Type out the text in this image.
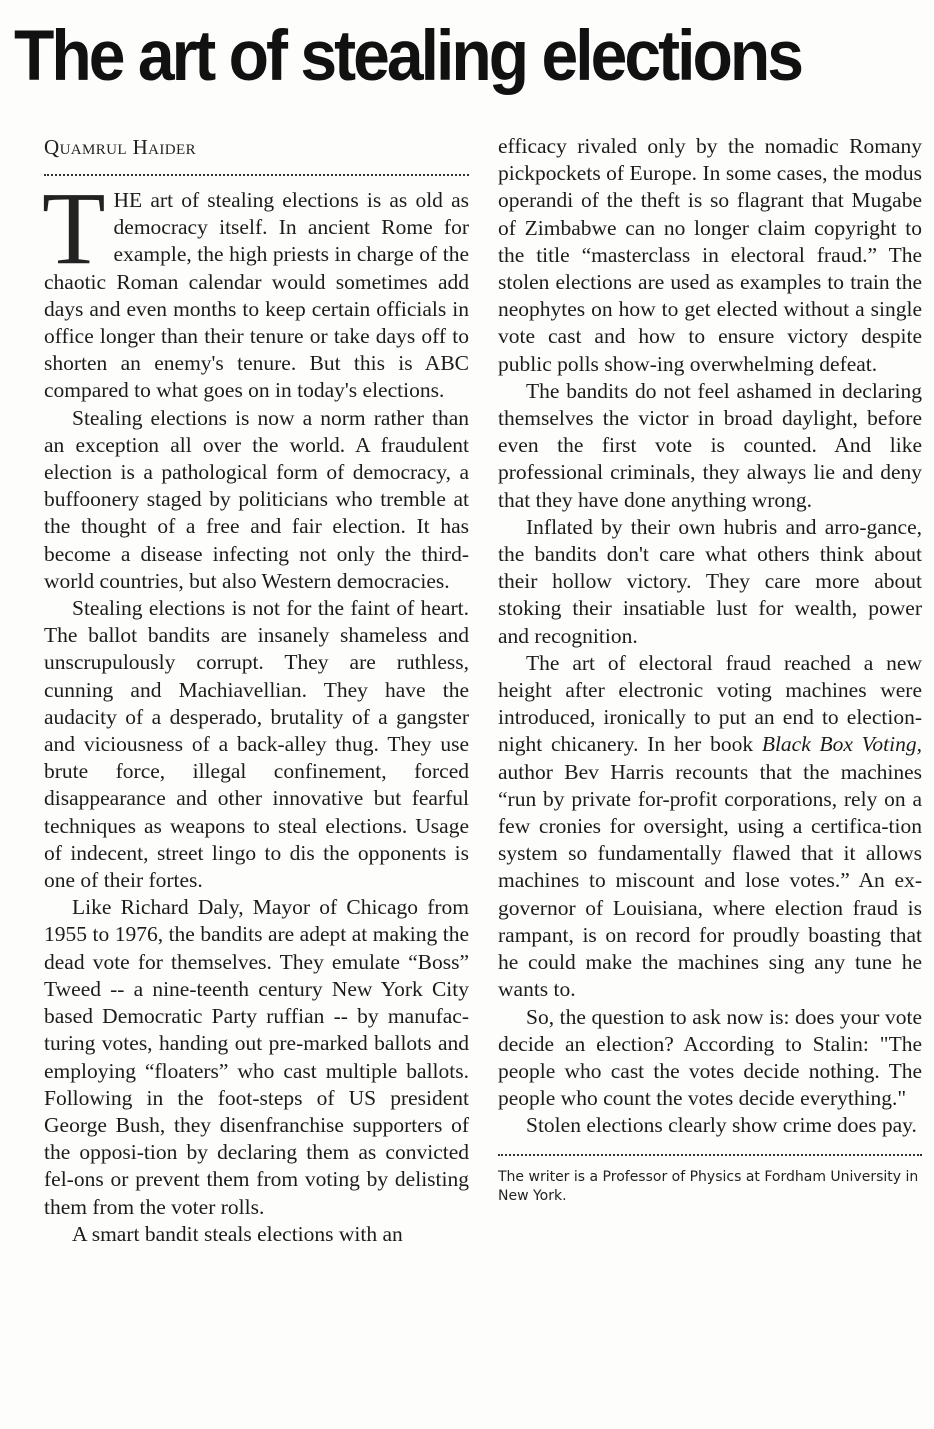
The art of stealing elections

Quamrul Haider

THE art of stealing elections is as old as democracy itself. In ancient Rome for example, the high priests in charge of the chaotic Roman calendar would sometimes add days and even months to keep certain officials in office longer than their tenure or take days off to shorten an enemy's tenure. But this is ABC compared to what goes on in today's elections.

Stealing elections is now a norm rather than an exception all over the world. A fraudulent election is a pathological form of democracy, a buffoonery staged by politicians who tremble at the thought of a free and fair election. It has become a disease infecting not only the third-world countries, but also Western democracies.

Stealing elections is not for the faint of heart. The ballot bandits are insanely shameless and unscrupulously corrupt. They are ruthless, cunning and Machiavellian. They have the audacity of a desperado, brutality of a gangster and viciousness of a back-alley thug. They use brute force, illegal confinement, forced disappearance and other innovative but fearful techniques as weapons to steal elections. Usage of indecent, street lingo to dis the opponents is one of their fortes.

Like Richard Daly, Mayor of Chicago from 1955 to 1976, the bandits are adept at making the dead vote for themselves. They emulate “Boss” Tweed -- a nine-teenth century New York City based Democratic Party ruffian -- by manufac-turing votes, handing out pre-marked ballots and employing “floaters” who cast multiple ballots. Following in the foot-steps of US president George Bush, they disenfranchise supporters of the opposi-tion by declaring them as convicted fel-ons or prevent them from voting by delisting them from the voter rolls.

A smart bandit steals elections with an

efficacy rivaled only by the nomadic Romany pickpockets of Europe. In some cases, the modus operandi of the theft is so flagrant that Mugabe of Zimbabwe can no longer claim copyright to the title “masterclass in electoral fraud.” The stolen elections are used as examples to train the neophytes on how to get elected without a single vote cast and how to ensure victory despite public polls show-ing overwhelming defeat.

The bandits do not feel ashamed in declaring themselves the victor in broad daylight, before even the first vote is counted. And like professional criminals, they always lie and deny that they have done anything wrong.

Inflated by their own hubris and arro-gance, the bandits don't care what others think about their hollow victory. They care more about stoking their insatiable lust for wealth, power and recognition.

The art of electoral fraud reached a new height after electronic voting machines were introduced, ironically to put an end to election-night chicanery. In her book Black Box Voting, author Bev Harris recounts that the machines “run by private for-profit corporations, rely on a few cronies for oversight, using a certifica-tion system so fundamentally flawed that it allows machines to miscount and lose votes.” An ex-governor of Louisiana, where election fraud is rampant, is on record for proudly boasting that he could make the machines sing any tune he wants to.

So, the question to ask now is: does your vote decide an election? According to Stalin: "The people who cast the votes decide nothing. The people who count the votes decide everything."

Stolen elections clearly show crime does pay.

The writer is a Professor of Physics at Fordham University in New York.
